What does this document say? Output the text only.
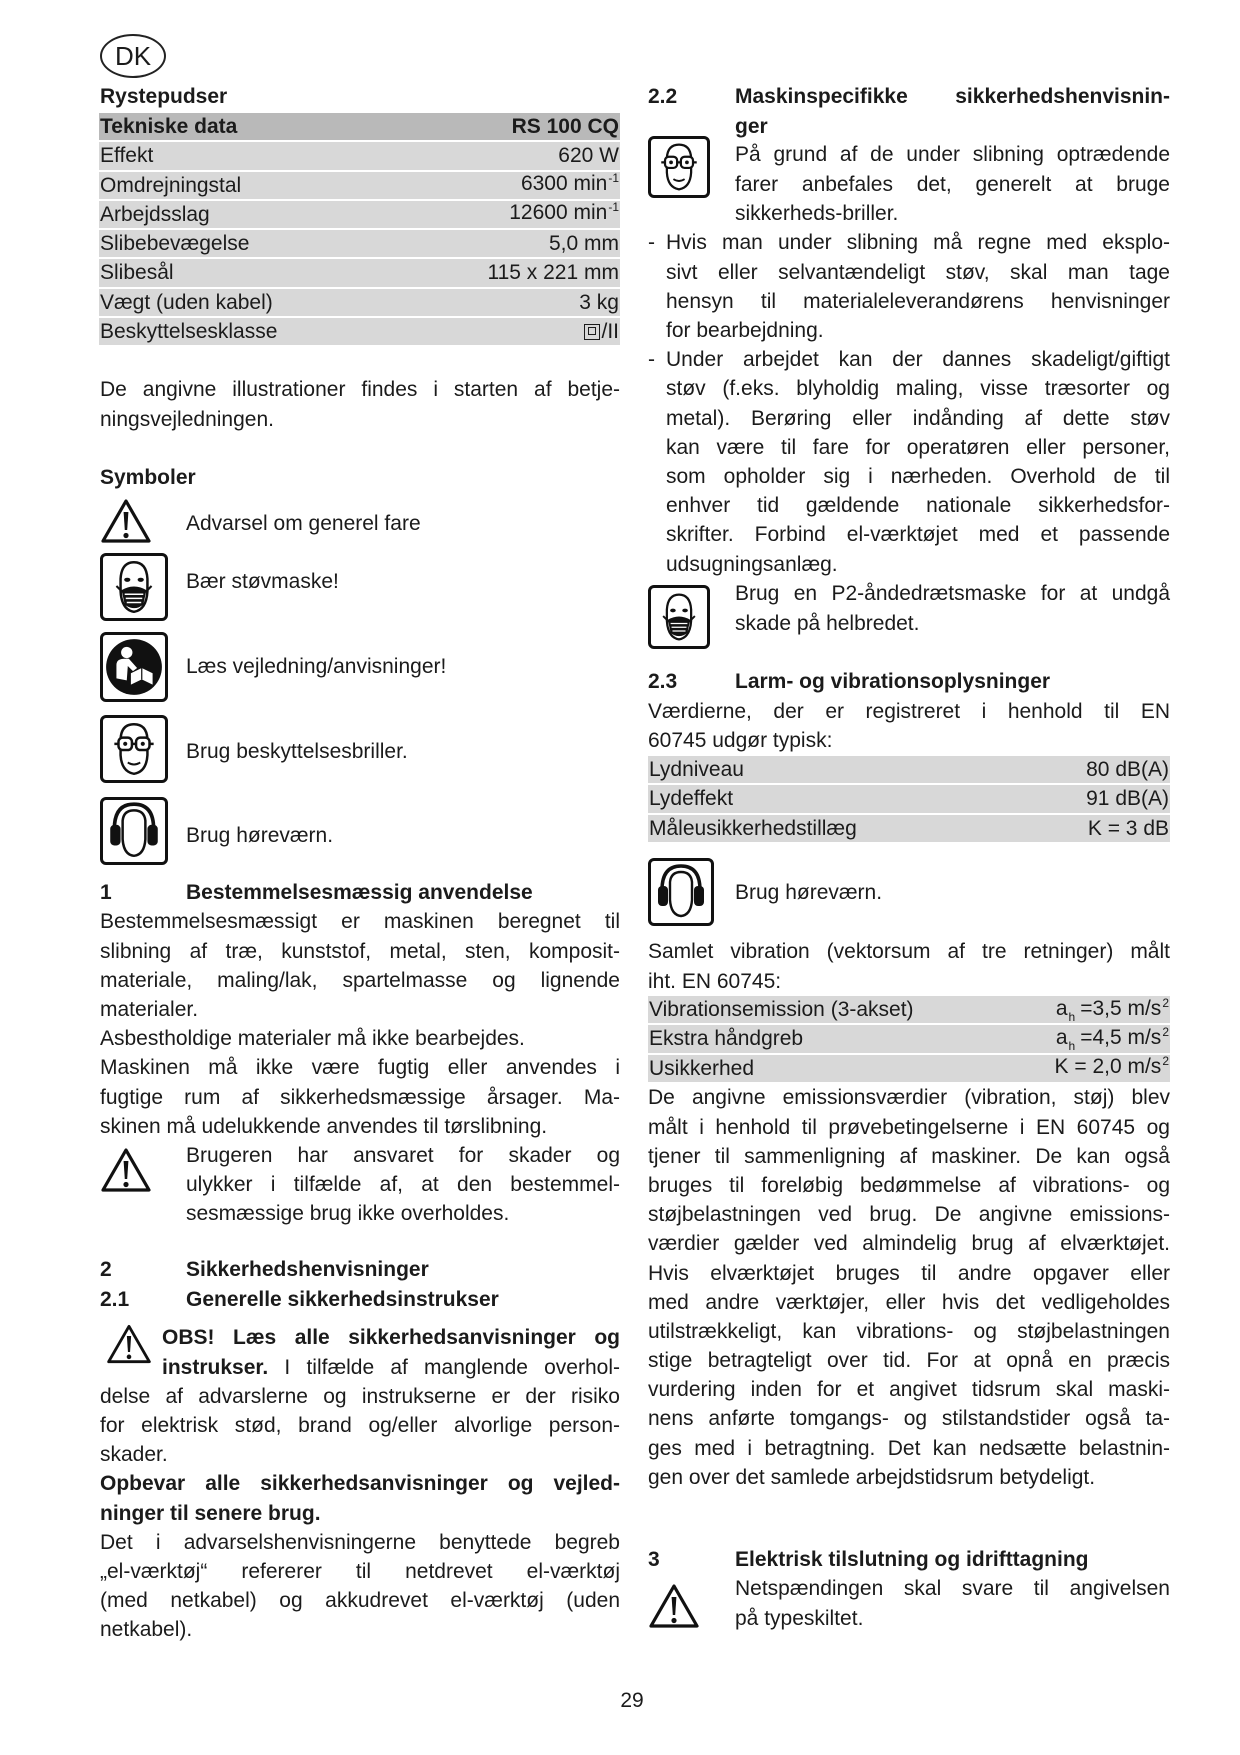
DK
Rystepudser
Tekniske data	RS 100 CQ
Effekt	620 W
Omdrejningstal	6300 $\min^{-1}$
Arbejdsslag	12600 $\min^{-1}$
Slibebevægelse	5,0 mm
Slibesål	115 x 221 mm
Vægt (uden kabel)	3 kg
Beskyttelsesklasse	/II
De angivne illustrationer findes i starten af betje-
ningsvejledningen.
Symboler
Advarsel om generel fare
Bær støvmaske!
Læs vejledning/anvisninger!
Brug beskyttelsesbriller.
Brug høreværn.
1	Bestemmelsesmæssig anvendelse
Bestemmelsesmæssigt er maskinen beregnet til
slibning af træ, kunststof, metal, sten, komposit-
materiale, maling/lak, spartelmasse og lignende
materialer.
Asbestholdige materialer må ikke bearbejdes.
Maskinen må ikke være fugtig eller anvendes i
fugtige rum af sikkerhedsmæssige årsager. Ma-
skinen må udelukkende anvendes til tørslibning.
Brugeren har ansvaret for skader og
ulykker i tilfælde af, at den bestemmel-
sesmæssige brug ikke overholdes.
2	Sikkerhedshenvisninger
2.1	Generelle sikkerhedsinstrukser
OBS! Læs alle sikkerhedsanvisninger og
instrukser. I tilfælde af manglende overhol-
delse af advarslerne og instrukserne er der risiko
for elektrisk stød, brand og/eller alvorlige person-
skader.
Opbevar alle sikkerhedsanvisninger og vejled-
ninger til senere brug.
Det i advarselshenvisningerne benyttede begreb
„el-værktøj“ refererer til netdrevet el-værktøj
(med netkabel) og akkudrevet el-værktøj (uden
netkabel).
2.2	Maskinspecifikke sikkerhedshenvisnin-
ger
På grund af de under slibning optrædende
farer anbefales det, generelt at bruge
sikkerheds-briller.
- Hvis man under slibning må regne med eksplo-
sivt eller selvantændeligt støv, skal man tage
hensyn til materialeleverandørens henvisninger
for bearbejdning.
- Under arbejdet kan der dannes skadeligt/giftigt
støv (f.eks. blyholdig maling, visse træsorter og
metal). Berøring eller indånding af dette støv
kan være til fare for operatøren eller personer,
som opholder sig i nærheden. Overhold de til
enhver tid gældende nationale sikkerhedsfor-
skrifter. Forbind el-værktøjet med et passende
udsugningsanlæg.
Brug en P2-åndedrætsmaske for at undgå
skade på helbredet.
2.3	Larm- og vibrationsoplysninger
Værdierne, der er registreret i henhold til EN
60745 udgør typisk:
Lydniveau	80 dB(A)
Lydeffekt	91 dB(A)
Måleusikkerhedstillæg	K = 3 dB
Brug høreværn.
Samlet vibration (vektorsum af tre retninger) målt
iht. EN 60745:
Vibrationsemission (3-akset)	$a_h =3,5$ $m/s^2$
Ekstra håndgreb	$a_h =4,5$ $m/s^2$
Usikkerhed	K = 2,0 $m/s^2$
De angivne emissionsværdier (vibration, støj) blev
målt i henhold til prøvebetingelserne i EN 60745 og
tjener til sammenligning af maskiner. De kan også
bruges til foreløbig bedømmelse af vibrations- og
støjbelastningen ved brug. De angivne emissions-
værdier gælder ved almindelig brug af elværktøjet.
Hvis elværktøjet bruges til andre opgaver eller
med andre værktøjer, eller hvis det vedligeholdes
utilstrækkeligt, kan vibrations- og støjbelastningen
stige betragteligt over tid. For at opnå en præcis
vurdering inden for et angivet tidsrum skal maski-
nens anførte tomgangs- og stilstandstider også ta-
ges med i betragtning. Det kan nedsætte belastnin-
gen over det samlede arbejdstidsrum betydeligt.
3	Elektrisk tilslutning og idrifttagning
Netspændingen skal svare til angivelsen
på typeskiltet.
29
